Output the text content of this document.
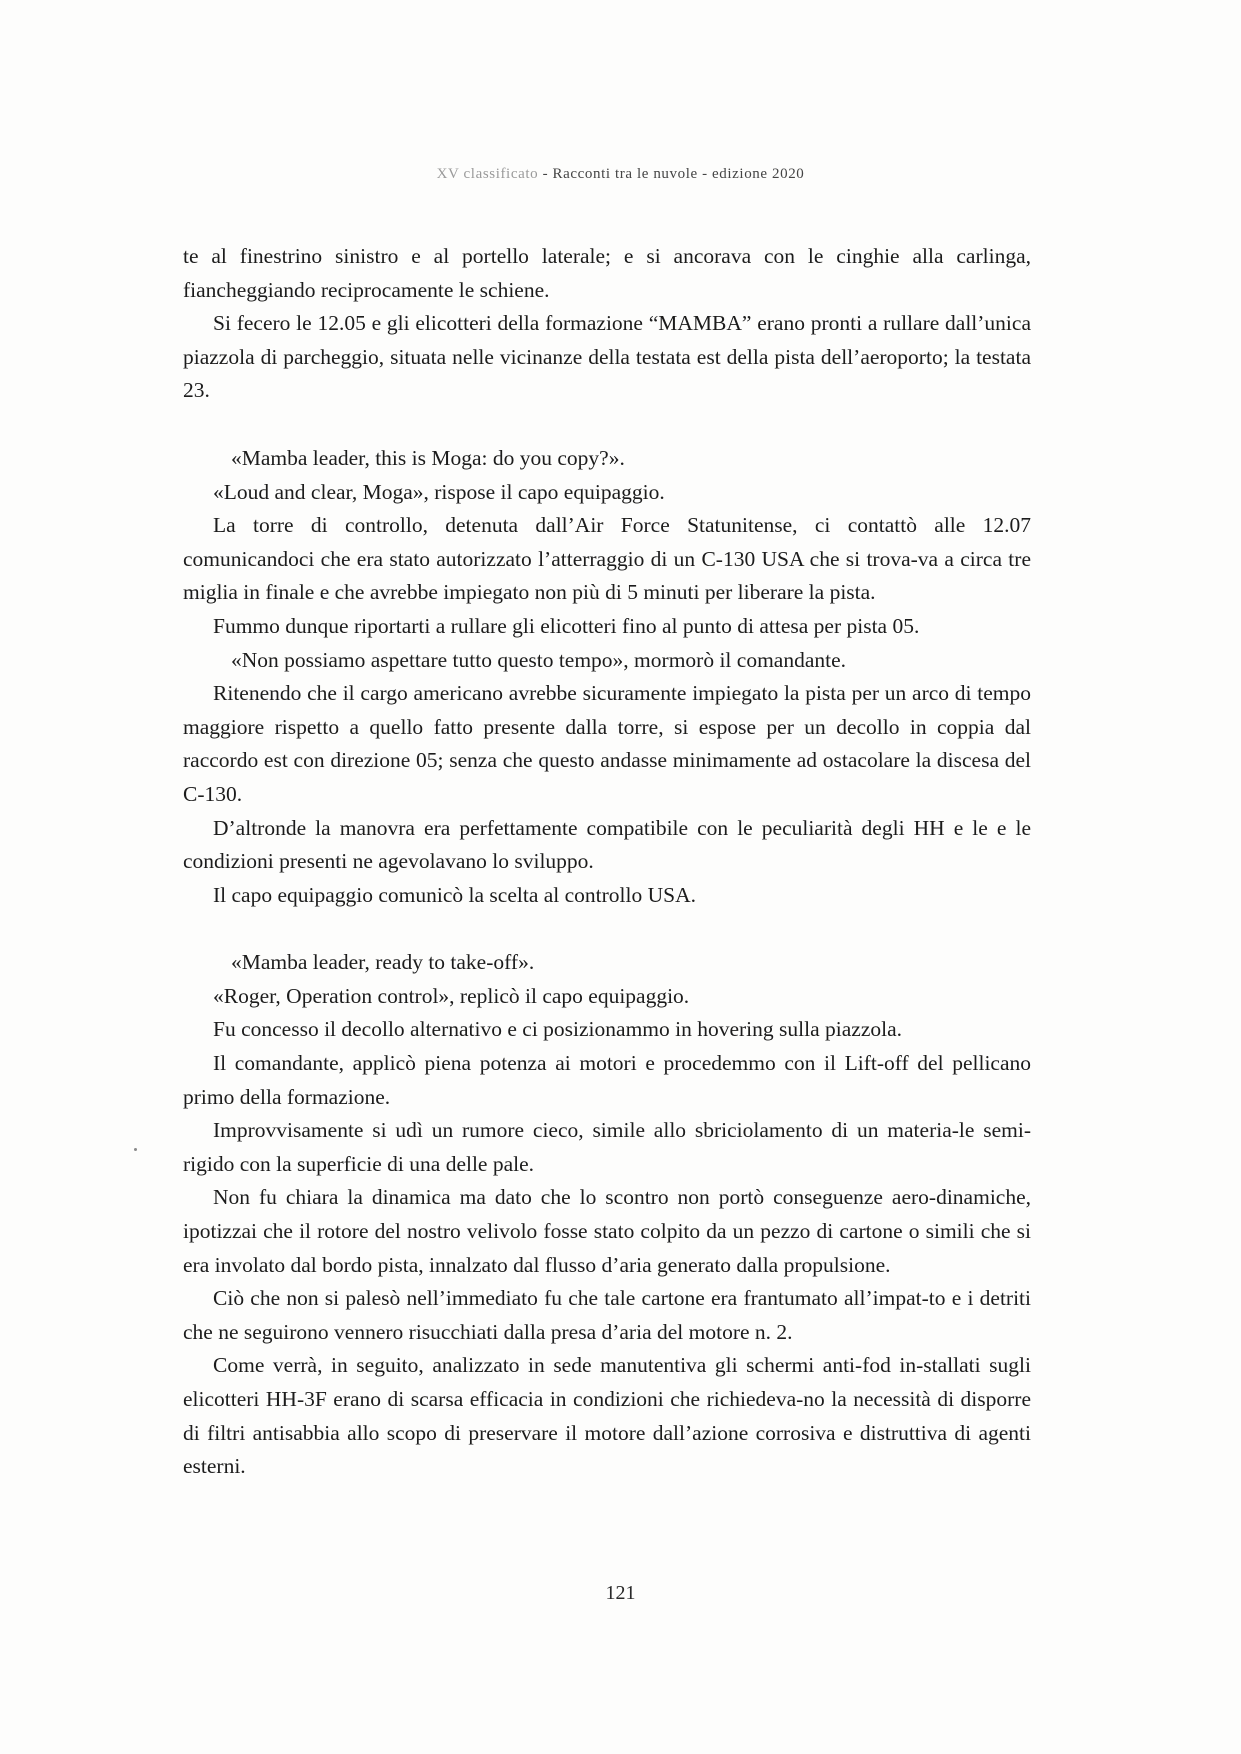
XV classificato - Racconti tra le nuvole - edizione 2020

te al finestrino sinistro e al portello laterale; e si ancorava con le cinghie alla carlinga, fiancheggiando reciprocamente le schiene.

Si fecero le 12.05 e gli elicotteri della formazione “MAMBA” erano pronti a rullare dall’unica piazzola di parcheggio, situata nelle vicinanze della testata est della pista dell’aeroporto; la testata 23.

«Mamba leader, this is Moga: do you copy?».

«Loud and clear, Moga», rispose il capo equipaggio.

La torre di controllo, detenuta dall’Air Force Statunitense, ci contattò alle 12.07 comunicandoci che era stato autorizzato l’atterraggio di un C-130 USA che si trova-va a circa tre miglia in finale e che avrebbe impiegato non più di 5 minuti per liberare la pista.

Fummo dunque riportarti a rullare gli elicotteri fino al punto di attesa per pista 05.

«Non possiamo aspettare tutto questo tempo», mormorò il comandante.

Ritenendo che il cargo americano avrebbe sicuramente impiegato la pista per un arco di tempo maggiore rispetto a quello fatto presente dalla torre, si espose per un decollo in coppia dal raccordo est con direzione 05; senza che questo andasse minimamente ad ostacolare la discesa del C-130.

D’altronde la manovra era perfettamente compatibile con le peculiarità degli HH e le e le condizioni presenti ne agevolavano lo sviluppo.

Il capo equipaggio comunicò la scelta al controllo USA.

«Mamba leader, ready to take-off».

«Roger, Operation control», replicò il capo equipaggio.

Fu concesso il decollo alternativo e ci posizionammo in hovering sulla piazzola.

Il comandante, applicò piena potenza ai motori e procedemmo con il Lift-off del pellicano primo della formazione.

Improvvisamente si udì un rumore cieco, simile allo sbriciolamento di un materia-le semi-rigido con la superficie di una delle pale.

Non fu chiara la dinamica ma dato che lo scontro non portò conseguenze aero-dinamiche, ipotizzai che il rotore del nostro velivolo fosse stato colpito da un pezzo di cartone o simili che si era involato dal bordo pista, innalzato dal flusso d’aria generato dalla propulsione.

Ciò che non si palesò nell’immediato fu che tale cartone era frantumato all’impat-to e i detriti che ne seguirono vennero risucchiati dalla presa d’aria del motore n. 2.

Come verrà, in seguito, analizzato in sede manutentiva gli schermi anti-fod in-stallati sugli elicotteri HH-3F erano di scarsa efficacia in condizioni che richiedeva-no la necessità di disporre di filtri antisabbia allo scopo di preservare il motore dall’azione corrosiva e distruttiva di agenti esterni.

121
